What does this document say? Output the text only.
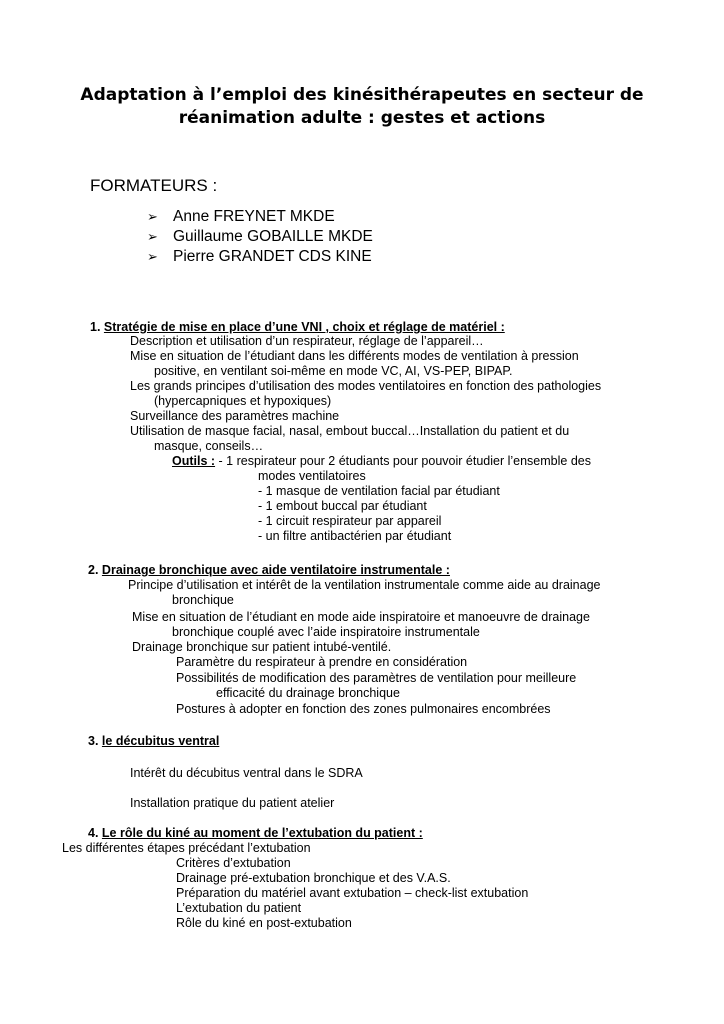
Adaptation à l’emploi des kinésithérapeutes en secteur de
réanimation adulte : gestes et actions
FORMATEURS :
➢ Anne FREYNET MKDE
➢ Guillaume GOBAILLE MKDE
➢ Pierre GRANDET CDS KINE
1. Stratégie de mise en place d’une VNI , choix et réglage de matériel :
Description et utilisation d’un respirateur, réglage de l’appareil…
Mise en situation de l’étudiant dans les différents modes de ventilation à pression
positive, en ventilant soi-même en mode VC, AI, VS-PEP, BIPAP.
Les grands principes d’utilisation des modes ventilatoires en fonction des pathologies
(hypercapniques et hypoxiques)
Surveillance des paramètres machine
Utilisation de masque facial, nasal, embout buccal…Installation du patient et du
masque, conseils…
Outils : - 1 respirateur pour 2 étudiants pour pouvoir étudier l’ensemble des
modes ventilatoires
- 1 masque de ventilation facial par étudiant
- 1 embout buccal par étudiant
- 1 circuit respirateur par appareil
- un filtre antibactérien par étudiant
2. Drainage bronchique avec aide ventilatoire instrumentale :
Principe d’utilisation et intérêt de la ventilation instrumentale comme aide au drainage
bronchique
Mise en situation de l’étudiant en mode aide inspiratoire et manoeuvre de drainage
bronchique couplé avec l’aide inspiratoire instrumentale
Drainage bronchique sur patient intubé-ventilé.
Paramètre du respirateur à prendre en considération
Possibilités de modification des paramètres de ventilation pour meilleure
efficacité du drainage bronchique
Postures à adopter en fonction des zones pulmonaires encombrées
3. le décubitus ventral
Intérêt du décubitus ventral dans le SDRA
Installation pratique du patient atelier
4. Le rôle du kiné au moment de l’extubation du patient :
Les différentes étapes précédant l’extubation
Critères d’extubation
Drainage pré-extubation bronchique et des V.A.S.
Préparation du matériel avant extubation – check-list extubation
L’extubation du patient
Rôle du kiné en post-extubation
